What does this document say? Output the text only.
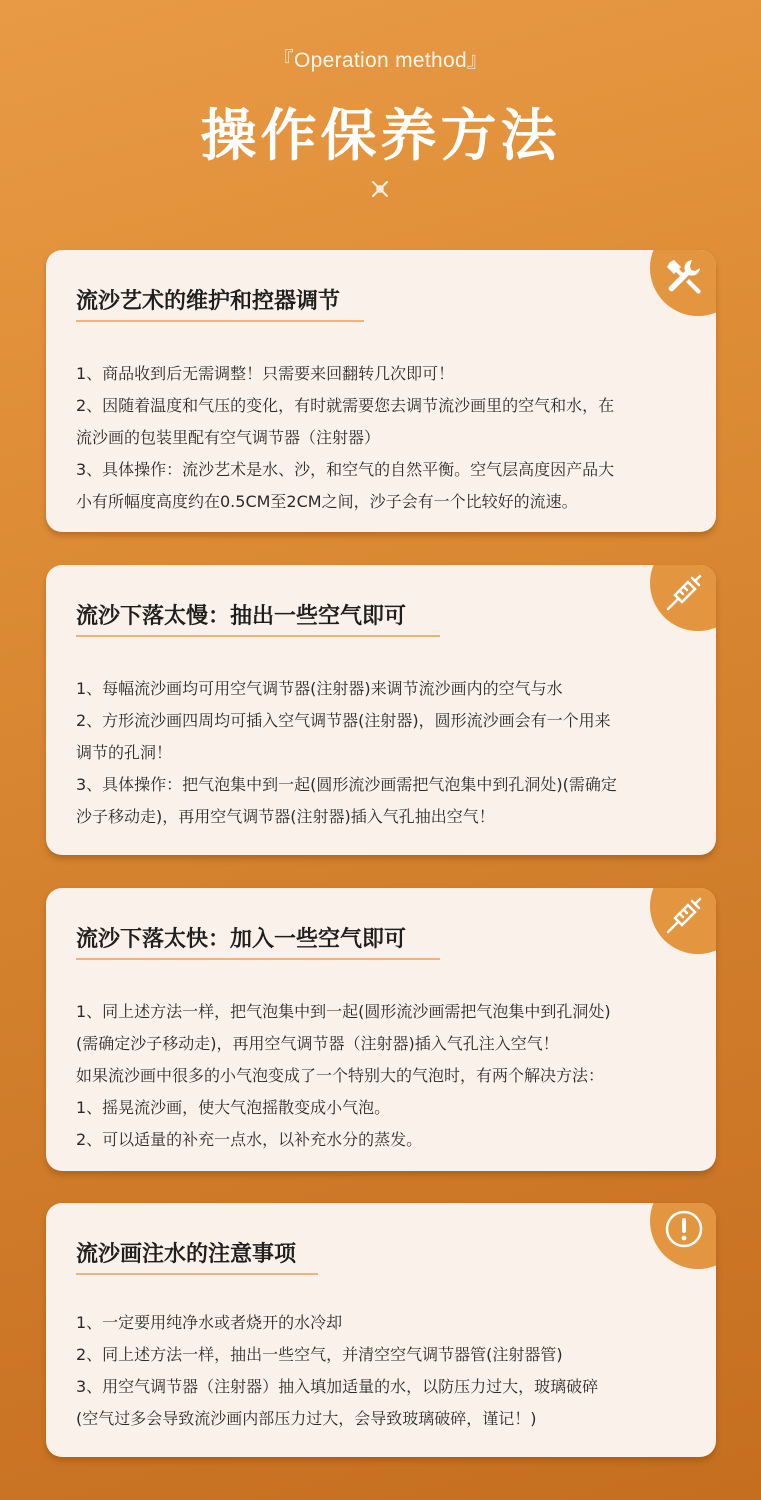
『Operation method』
操作保养方法
流沙艺术的维护和控器调节

1、商品收到后无需调整！只需要来回翻转几次即可！

2、因随着温度和气压的变化，有时就需要您去调节流沙画里的空气和水，在

流沙画的包装里配有空气调节器（注射器）

3、具体操作：流沙艺术是水、沙，和空气的自然平衡。空气层高度因产品大

小有所幅度高度约在0.5CM至2CM之间，沙子会有一个比较好的流速。

流沙下落太慢：抽出一些空气即可

1、每幅流沙画均可用空气调节器(注射器)来调节流沙画内的空气与水

2、方形流沙画四周均可插入空气调节器(注射器)，圆形流沙画会有一个用来

调节的孔洞！

3、具体操作：把气泡集中到一起(圆形流沙画需把气泡集中到孔洞处)(需确定

沙子移动走)，再用空气调节器(注射器)插入气孔抽出空气！

流沙下落太快：加入一些空气即可

1、同上述方法一样，把气泡集中到一起(圆形流沙画需把气泡集中到孔洞处)

(需确定沙子移动走)，再用空气调节器（注射器)插入气孔注入空气！

如果流沙画中很多的小气泡变成了一个特别大的气泡时，有两个解决方法：

1、摇晃流沙画，使大气泡摇散变成小气泡。

2、可以适量的补充一点水，以补充水分的蒸发。

流沙画注水的注意事项

1、一定要用纯净水或者烧开的水冷却

2、同上述方法一样，抽出一些空气，并清空空气调节器管(注射器管)

3、用空气调节器（注射器）抽入填加适量的水，以防压力过大，玻璃破碎

(空气过多会导致流沙画内部压力过大，会导致玻璃破碎，谨记！)
